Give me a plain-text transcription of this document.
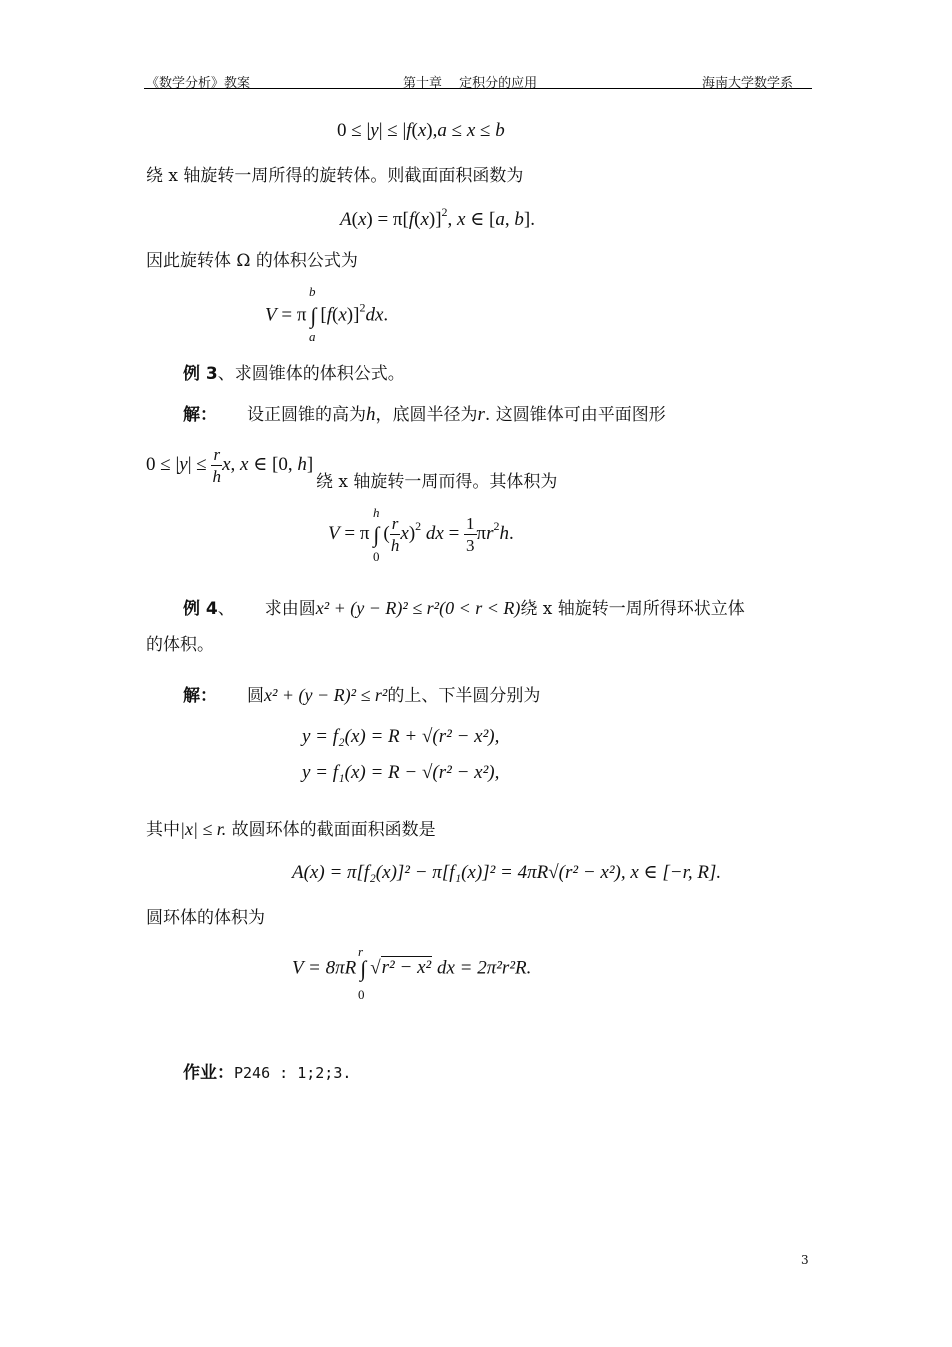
《数学分析》教案	第十章　 定积分的应用	海南大学数学系
0 ≤ |y| ≤ |f(x),a ≤ x ≤ b
绕 x 轴旋转一周所得的旋转体。则截面面积函数为
$A(x) = \pi[f(x)]^2$, x ∈ [a, b].
因此旋转体 Ω 的体积公式为
V = π ∫ $[f(x)]^2dx$.
b
a
例 3、求圆锥体的体积公式。
解： 设正圆锥的高为h，底圆半径为r. 这圆锥体可由平面图形
$0 \le |y| \le \frac{r}{h} x$, x ∈ [0, h]
绕 x 轴旋转一周而得。其体积为
V = π ∫ ( $\frac{r}{h} x)^2$ dx = $\frac{1}{3} \pi r^2h$.
h
0
例 4、 求由圆x² + (y − R)² ≤ r²(0 < r < R)绕 x 轴旋转一周所得环状立体
的体积。
解： 圆x² + (y − R)² ≤ r²的上、下半圆分别为
y = f₂(x) = R + √(r² − x²),
y = f₁(x) = R − √(r² − x²),
其中|x| ≤ r. 故圆环体的截面面积函数是
A(x) = π[f₂(x)]² − π[f₁(x)]² = 4πR√(r² − x²), x ∈ [−r, R].
圆环体的体积为
V = 8πR ∫ √r² − x² dx = 2π²r²R.
r
0
作业：P246 : 1;2;3.
3
